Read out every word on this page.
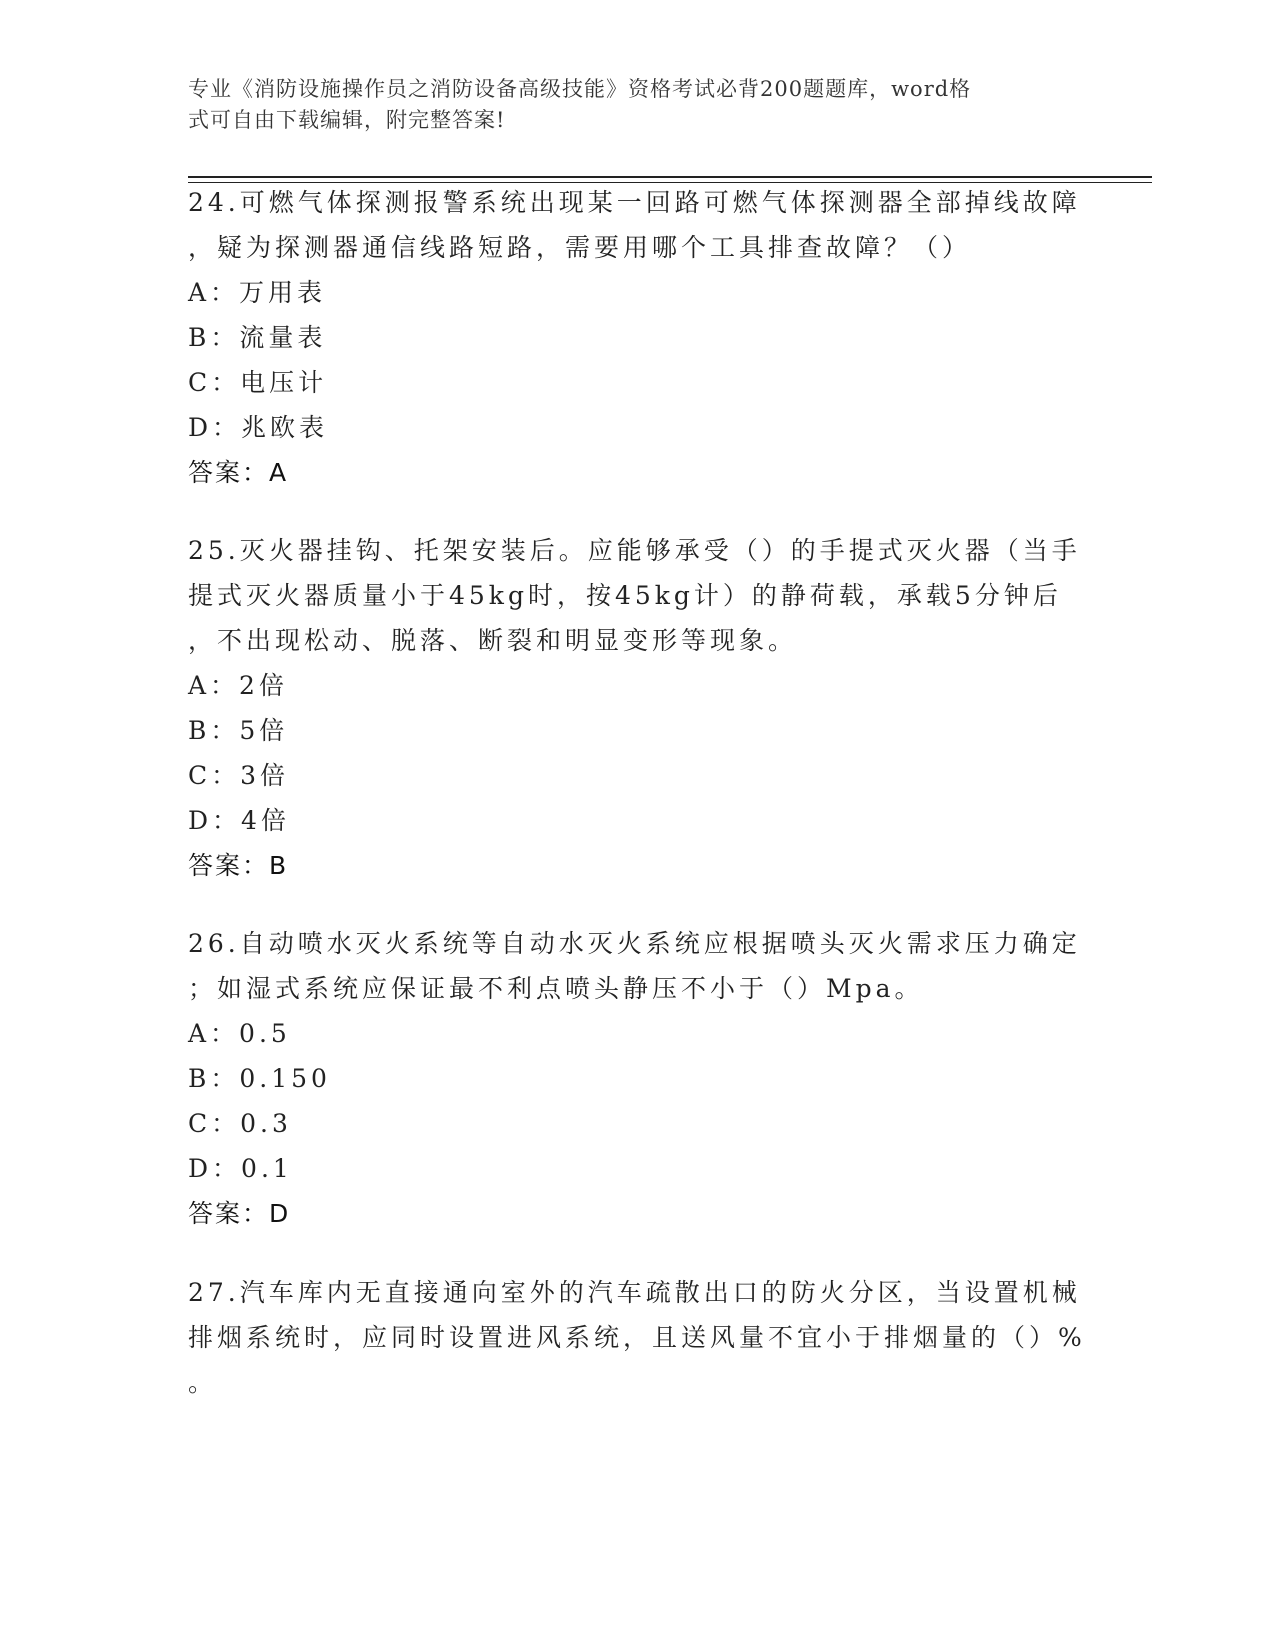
专业《消防设施操作员之消防设备高级技能》资格考试必背200题题库，word格
式可自由下载编辑，附完整答案!

24.可燃气体探测报警系统出现某一回路可燃气体探测器全部掉线故障

，疑为探测器通信线路短路，需要用哪个工具排查故障？（）

A：万用表

B：流量表

C：电压计

D：兆欧表

答案：A

25.灭火器挂钩、托架安装后。应能够承受（）的手提式灭火器（当手

提式灭火器质量小于45kg时，按45kg计）的静荷载，承载5分钟后

，不出现松动、脱落、断裂和明显变形等现象。

A：2倍

B：5倍

C：3倍

D：4倍

答案：B

26.自动喷水灭火系统等自动水灭火系统应根据喷头灭火需求压力确定

；如湿式系统应保证最不利点喷头静压不小于（）Mpa。

A：0.5

B：0.150

C：0.3

D：0.1

答案：D

27.汽车库内无直接通向室外的汽车疏散出口的防火分区，当设置机械

排烟系统时，应同时设置进风系统，且送风量不宜小于排烟量的（）%

。
